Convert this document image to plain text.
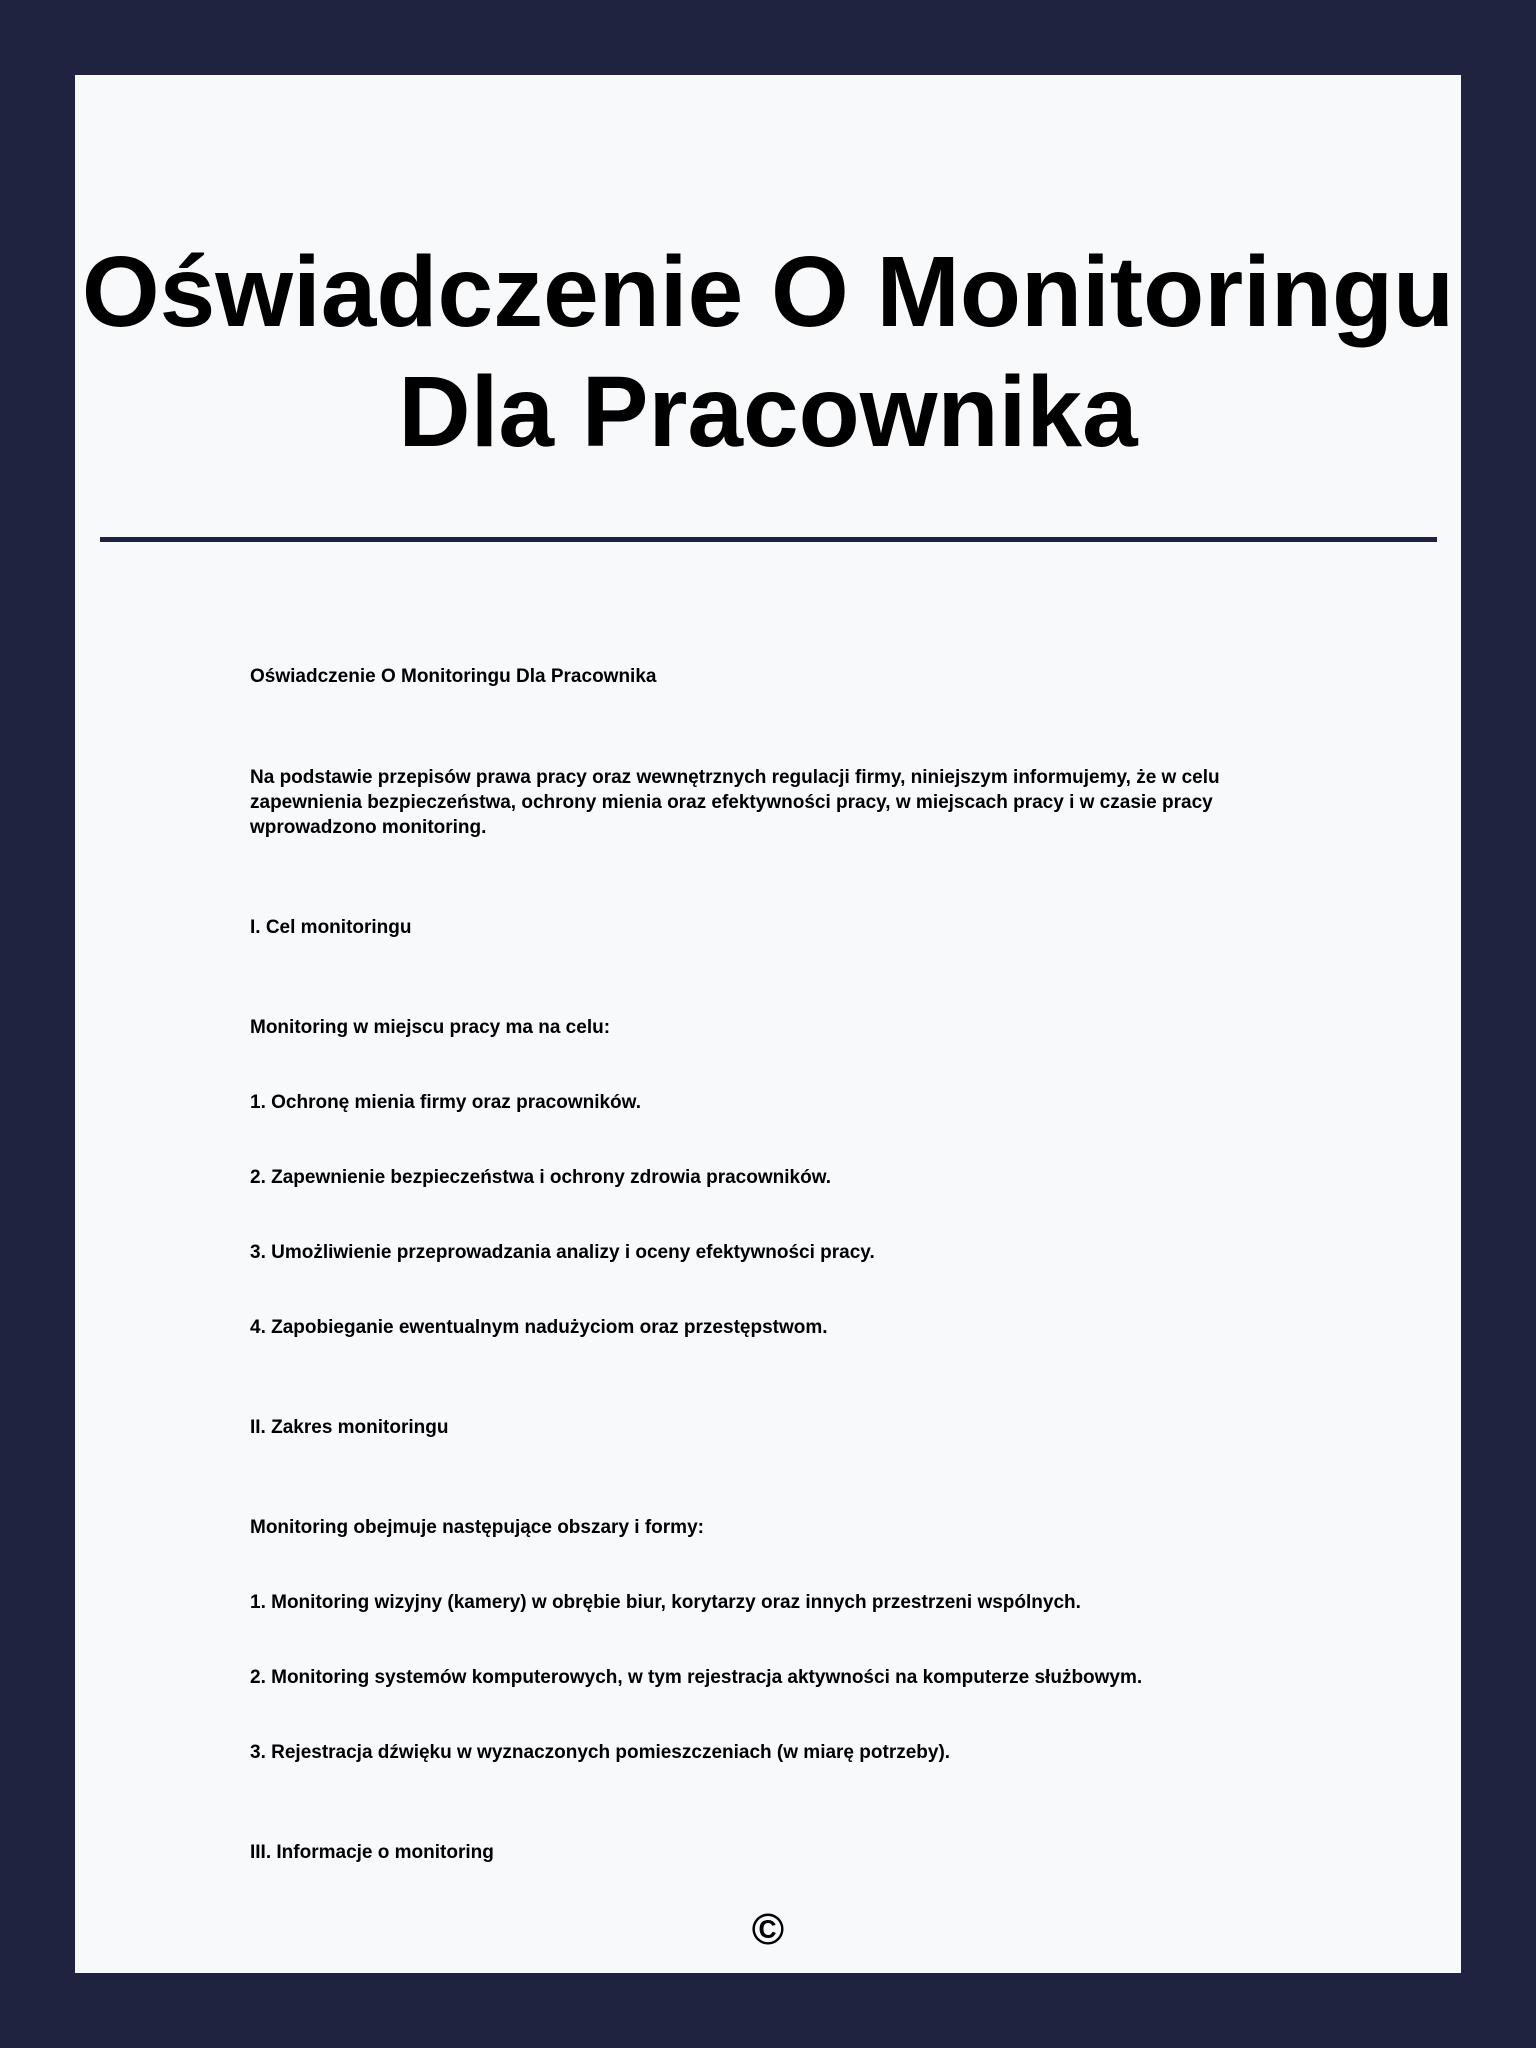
Oświadczenie O Monitoringu
Dla Pracownika

Oświadczenie O Monitoringu Dla Pracownika

Na podstawie przepisów prawa pracy oraz wewnętrznych regulacji firmy, niniejszym informujemy, że w celu zapewnienia bezpieczeństwa, ochrony mienia oraz efektywności pracy, w miejscach pracy i w czasie pracy wprowadzono monitoring.

I. Cel monitoringu

Monitoring w miejscu pracy ma na celu:

1. Ochronę mienia firmy oraz pracowników.

2. Zapewnienie bezpieczeństwa i ochrony zdrowia pracowników.

3. Umożliwienie przeprowadzania analizy i oceny efektywności pracy.

4. Zapobieganie ewentualnym nadużyciom oraz przestępstwom.

II. Zakres monitoringu

Monitoring obejmuje następujące obszary i formy:

1. Monitoring wizyjny (kamery) w obrębie biur, korytarzy oraz innych przestrzeni wspólnych.

2. Monitoring systemów komputerowych, w tym rejestracja aktywności na komputerze służbowym.

3. Rejestracja dźwięku w wyznaczonych pomieszczeniach (w miarę potrzeby).

III. Informacje o monitoring

©
